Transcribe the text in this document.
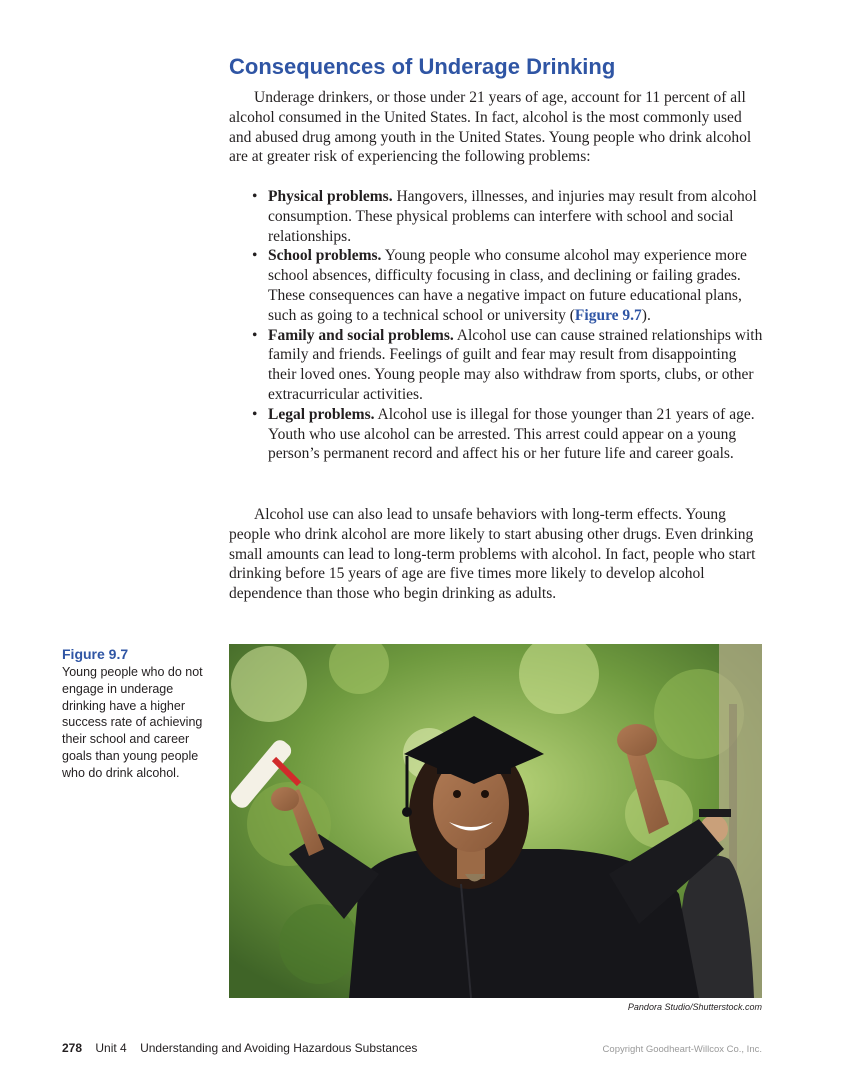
Consequences of Underage Drinking

Underage drinkers, or those under 21 years of age, account for 11 percent of all alcohol consumed in the United States. In fact, alcohol is the most commonly used and abused drug among youth in the United States. Young people who drink alcohol are at greater risk of experiencing the following problems:

• Physical problems. Hangovers, illnesses, and injuries may result from alcohol consumption. These physical problems can interfere with school and social relationships.
• School problems. Young people who consume alcohol may experience more school absences, difficulty focusing in class, and declining or failing grades. These consequences can have a negative impact on future educational plans, such as going to a technical school or university (Figure 9.7).
• Family and social problems. Alcohol use can cause strained relationships with family and friends. Feelings of guilt and fear may result from disappointing their loved ones. Young people may also withdraw from sports, clubs, or other extracurricular activities.
• Legal problems. Alcohol use is illegal for those younger than 21 years of age. Youth who use alcohol can be arrested. This arrest could appear on a young person’s permanent record and affect his or her future life and career goals.

Alcohol use can also lead to unsafe behaviors with long-term effects. Young people who drink alcohol are more likely to start abusing other drugs. Even drinking small amounts can lead to long-term problems with alcohol. In fact, people who start drinking before 15 years of age are five times more likely to develop alcohol dependence than those who begin drinking as adults.

Figure 9.7
Young people who do not engage in underage drinking have a higher success rate of achieving their school and career goals than young people who do drink alcohol.
Pandora Studio/Shutterstock.com
278 Unit 4 Understanding and Avoiding Hazardous Substances	Copyright Goodheart-Willcox Co., Inc.
